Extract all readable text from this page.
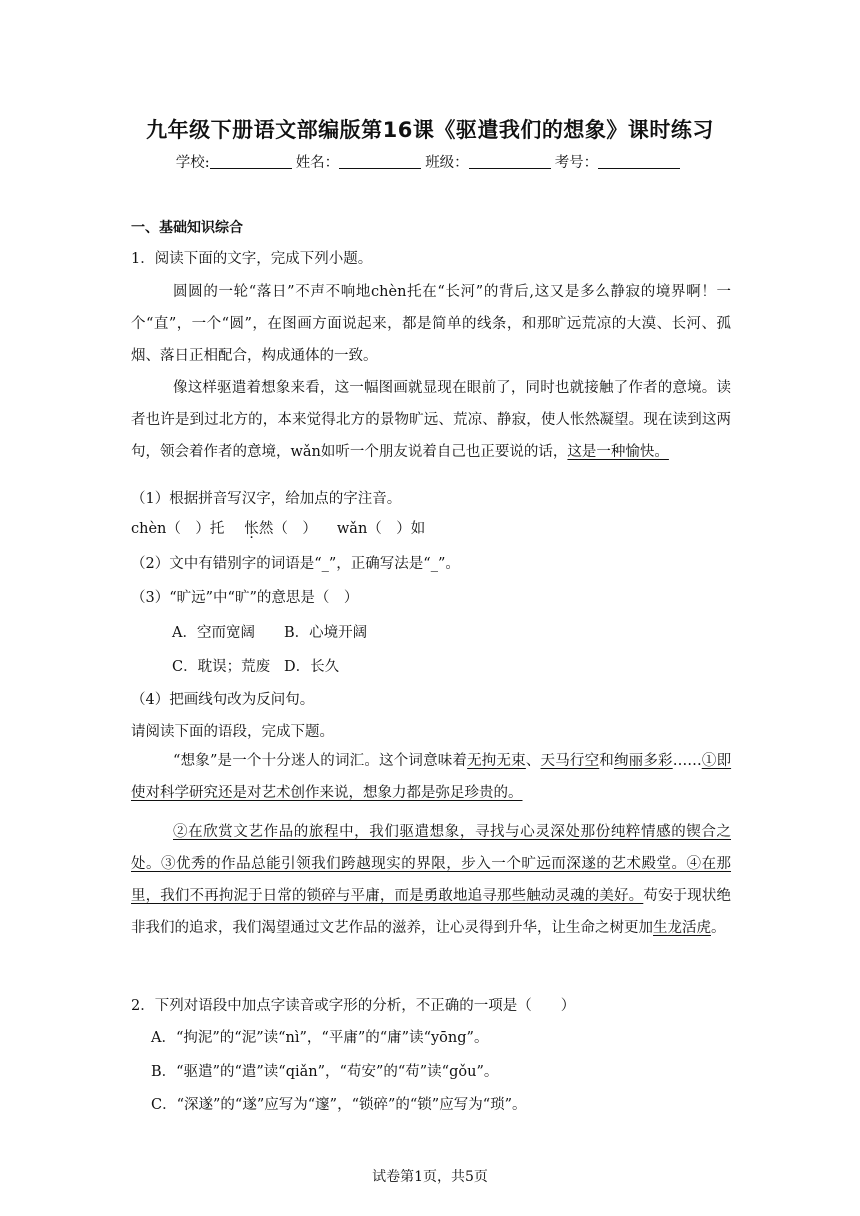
九年级下册语文部编版第16课《驱遣我们的想象》课时练习
学校:	姓名：	班级：	考号：
一、基础知识综合
1．阅读下面的文字，完成下列小题。
圆圆的一轮“落日”不声不响地chèn托在“长河”的背后,这又是多么静寂的境界啊！一个“直”，一个“圆”，在图画方面说起来，都是简单的线条，和那旷远荒凉的大漠、长河、孤烟、落日正相配合，构成通体的一致。
像这样驱遣着想象来看，这一幅图画就显现在眼前了，同时也就接触了作者的意境。读者也许是到过北方的，本来觉得北方的景物旷远、荒凉、静寂，使人怅 ·然凝望。现在读到这两句，领会着作者的意境，wǎn如听一个朋友说着自己也正要说的话，这是一种愉快。
（1）根据拼音写汉字，给加点的字注音。
chèn（　）托 怅然（　） wǎn（　）如
（2）文中有错别字的词语是“_”，正确写法是“_”。
（3）“旷远”中“旷”的意思是（　）
A．空而宽阔 B．心境开阔
C．耽误；荒废 D．长久
（4）把画线句改为反问句。
请阅读下面的语段，完成下题。
“想象”是一个十分迷人的词汇。这个词意味着无拘无束、天马行空和绚丽多彩……①即使对科学研究还是对艺术创作来说，想象力都是弥足珍贵的。
②在欣赏文艺作品的旅程中，我们驱遣想象，寻找与心灵深处那份纯粹情感的锲合之处。③优秀的作品总能引领我们跨越现实的界限，步入一个旷远而深遂的艺术殿堂。④在那里，我们不再拘泥于日常的锁碎与平庸，而是勇敢地追寻那些触动灵魂的美好。苟 ·安于现状绝非我们的追求，我们渴望通过文艺作品的滋养，让心灵得到升华，让生命之树更加生龙活虎。
2．下列对语段中加点字读音或字形的分析，不正确的一项是（　　）
A．“拘泥”的“泥”读“nì”，“平庸”的“庸”读“yōng”。
B．“驱遣”的“遣”读“qiǎn”，“苟安”的“苟”读“gǒu”。
C．“深遂”的“遂”应写为“邃”，“锁碎”的“锁”应写为“琐”。
试卷第1页，共5页
